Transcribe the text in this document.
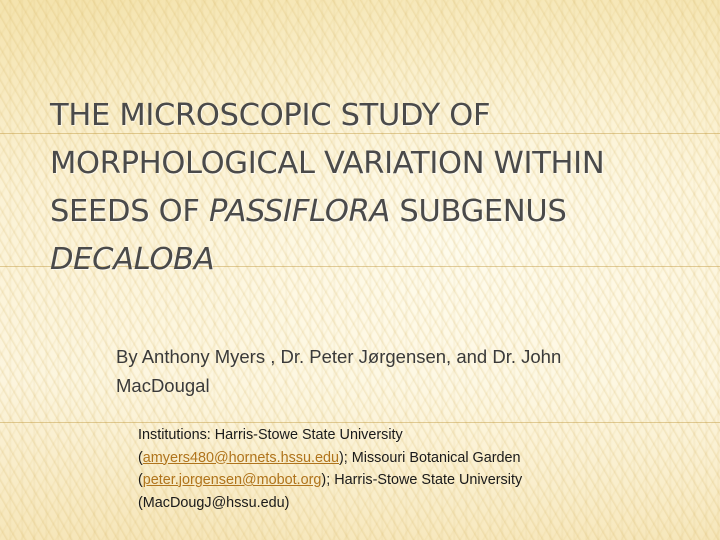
THE MICROSCOPIC STUDY OF MORPHOLOGICAL VARIATION WITHIN SEEDS OF PASSIFLORA SUBGENUS DECALOBA

By Anthony Myers , Dr. Peter Jørgensen, and Dr. John MacDougal

Institutions: Harris-Stowe State University (amyers480@hornets.hssu.edu); Missouri Botanical Garden (peter.jorgensen@mobot.org); Harris-Stowe State University (MacDougJ@hssu.edu)
